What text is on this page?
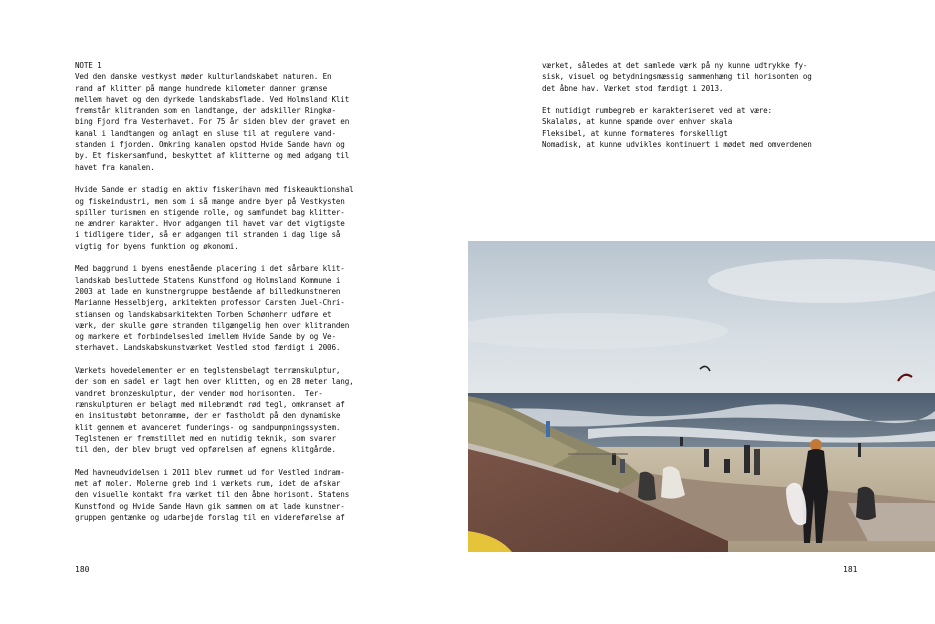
NOTE 1

Ved den danske vestkyst møder kulturlandskabet naturen. En
rand af klitter på mange hundrede kilometer danner grænse
mellem havet og den dyrkede landskabsflade. Ved Holmsland Klit
fremstår klitranden som en landtange, der adskiller Ringkø-
bing Fjord fra Vesterhavet. For 75 år siden blev der gravet en
kanal i landtangen og anlagt en sluse til at regulere vand-
standen i fjorden. Omkring kanalen opstod Hvide Sande havn og
by. Et fiskersamfund, beskyttet af klitterne og med adgang til
havet fra kanalen.

Hvide Sande er stadig en aktiv fiskerihavn med fiskeauktionshal
og fiskeindustri, men som i så mange andre byer på Vestkysten
spiller turismen en stigende rolle, og samfundet bag klitter-
ne ændrer karakter. Hvor adgangen til havet var det vigtigste
i tidligere tider, så er adgangen til stranden i dag lige så
vigtig for byens funktion og økonomi.

Med baggrund i byens enestående placering i det sårbare klit-
landskab besluttede Statens Kunstfond og Holmsland Kommune i
2003 at lade en kunstnergruppe bestående af billedkunstneren
Marianne Hesselbjerg, arkitekten professor Carsten Juel-Chri-
stiansen og landskabsarkitekten Torben Schønherr udføre et
værk, der skulle gøre stranden tilgængelig hen over klitranden
og markere et forbindelsesled imellem Hvide Sande by og Ve-
sterhavet. Landskabskunstværket Vestled stod færdigt i 2006.

Værkets hovedelementer er en teglstensbelagt terrænskulptur,
der som en sadel er lagt hen over klitten, og en 28 meter lang,
vandret bronzeskulptur, der vender mod horisonten.  Ter-
rænskulpturen er belagt med milebrændt rød tegl, omkranset af
en insitustøbt betonramme, der er fastholdt på den dynamiske
klit gennem et avanceret funderings- og sandpumpningssystem.
Teglstenen er fremstillet med en nutidig teknik, som svarer
til den, der blev brugt ved opførelsen af egnens klitgårde.

Med havneudvidelsen i 2011 blev rummet ud for Vestled indram-
met af moler. Molerne greb ind i værkets rum, idet de afskar
den visuelle kontakt fra værket til den åbne horisont. Statens
Kunstfond og Hvide Sande Havn gik sammen om at lade kunstner-
gruppen gentænke og udarbejde forslag til en videreførelse af

værket, således at det samlede værk på ny kunne udtrykke fy-
sisk, visuel og betydningsmæssig sammenhæng til horisonten og
det åbne hav. Værket stod færdigt i 2013.

Et nutidigt rumbegreb er karakteriseret ved at være:
Skalaløs, at kunne spænde over enhver skala
Fleksibel, at kunne formateres forskelligt
Nomadisk, at kunne udvikles kontinuert i mødet med omverdenen

180	181
